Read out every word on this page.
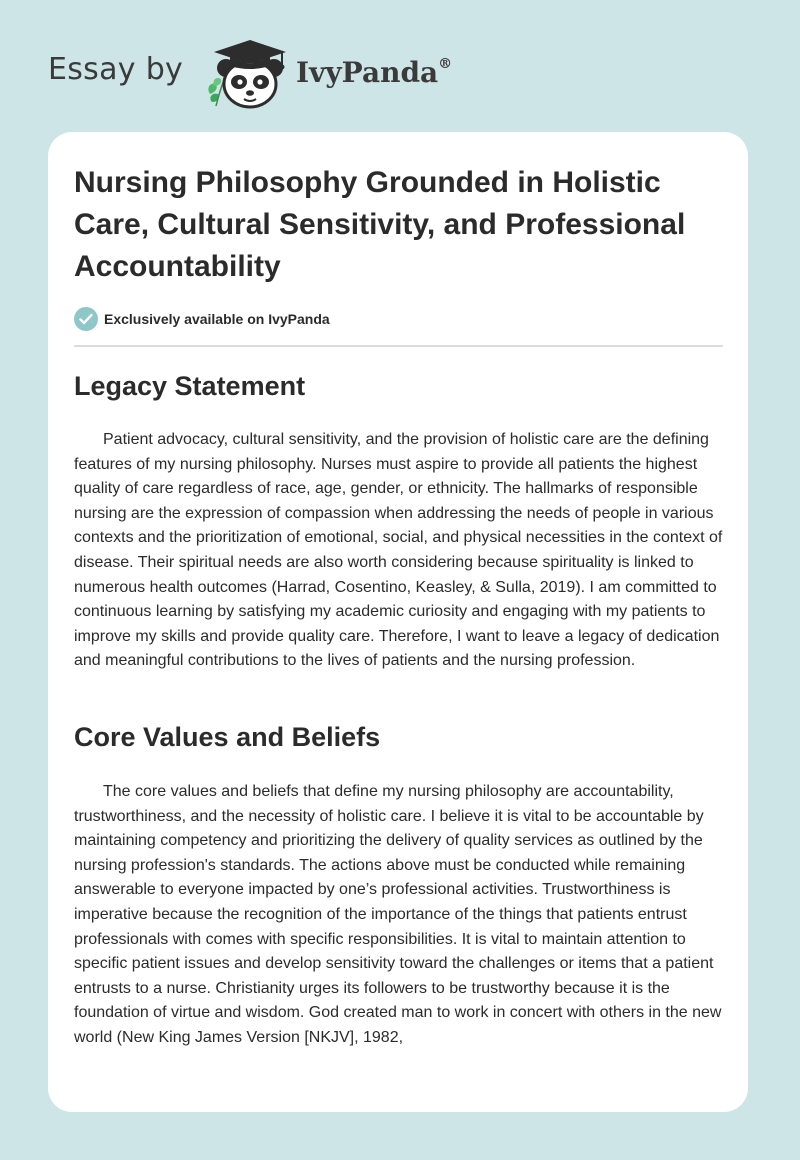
Essay by	IvyPanda®
Nursing Philosophy Grounded in Holistic Care, Cultural Sensitivity, and Professional Accountability
Exclusively available on IvyPanda
Legacy Statement

Patient advocacy, cultural sensitivity, and the provision of holistic care are the defining features of my nursing philosophy. Nurses must aspire to provide all patients the highest quality of care regardless of race, age, gender, or ethnicity. The hallmarks of responsible nursing are the expression of compassion when addressing the needs of people in various contexts and the prioritization of emotional, social, and physical necessities in the context of disease. Their spiritual needs are also worth considering because spirituality is linked to numerous health outcomes (Harrad, Cosentino, Keasley, & Sulla, 2019). I am committed to continuous learning by satisfying my academic curiosity and engaging with my patients to improve my skills and provide quality care. Therefore, I want to leave a legacy of dedication and meaningful contributions to the lives of patients and the nursing profession.

Core Values and Beliefs

The core values and beliefs that define my nursing philosophy are accountability, trustworthiness, and the necessity of holistic care. I believe it is vital to be accountable by maintaining competency and prioritizing the delivery of quality services as outlined by the nursing profession's standards. The actions above must be conducted while remaining answerable to everyone impacted by one’s professional activities. Trustworthiness is imperative because the recognition of the importance of the things that patients entrust professionals with comes with specific responsibilities. It is vital to maintain attention to specific patient issues and develop sensitivity toward the challenges or items that a patient entrusts to a nurse. Christianity urges its followers to be trustworthy because it is the foundation of virtue and wisdom. God created man to work in concert with others in the new world (New King James Version [NKJV], 1982,
